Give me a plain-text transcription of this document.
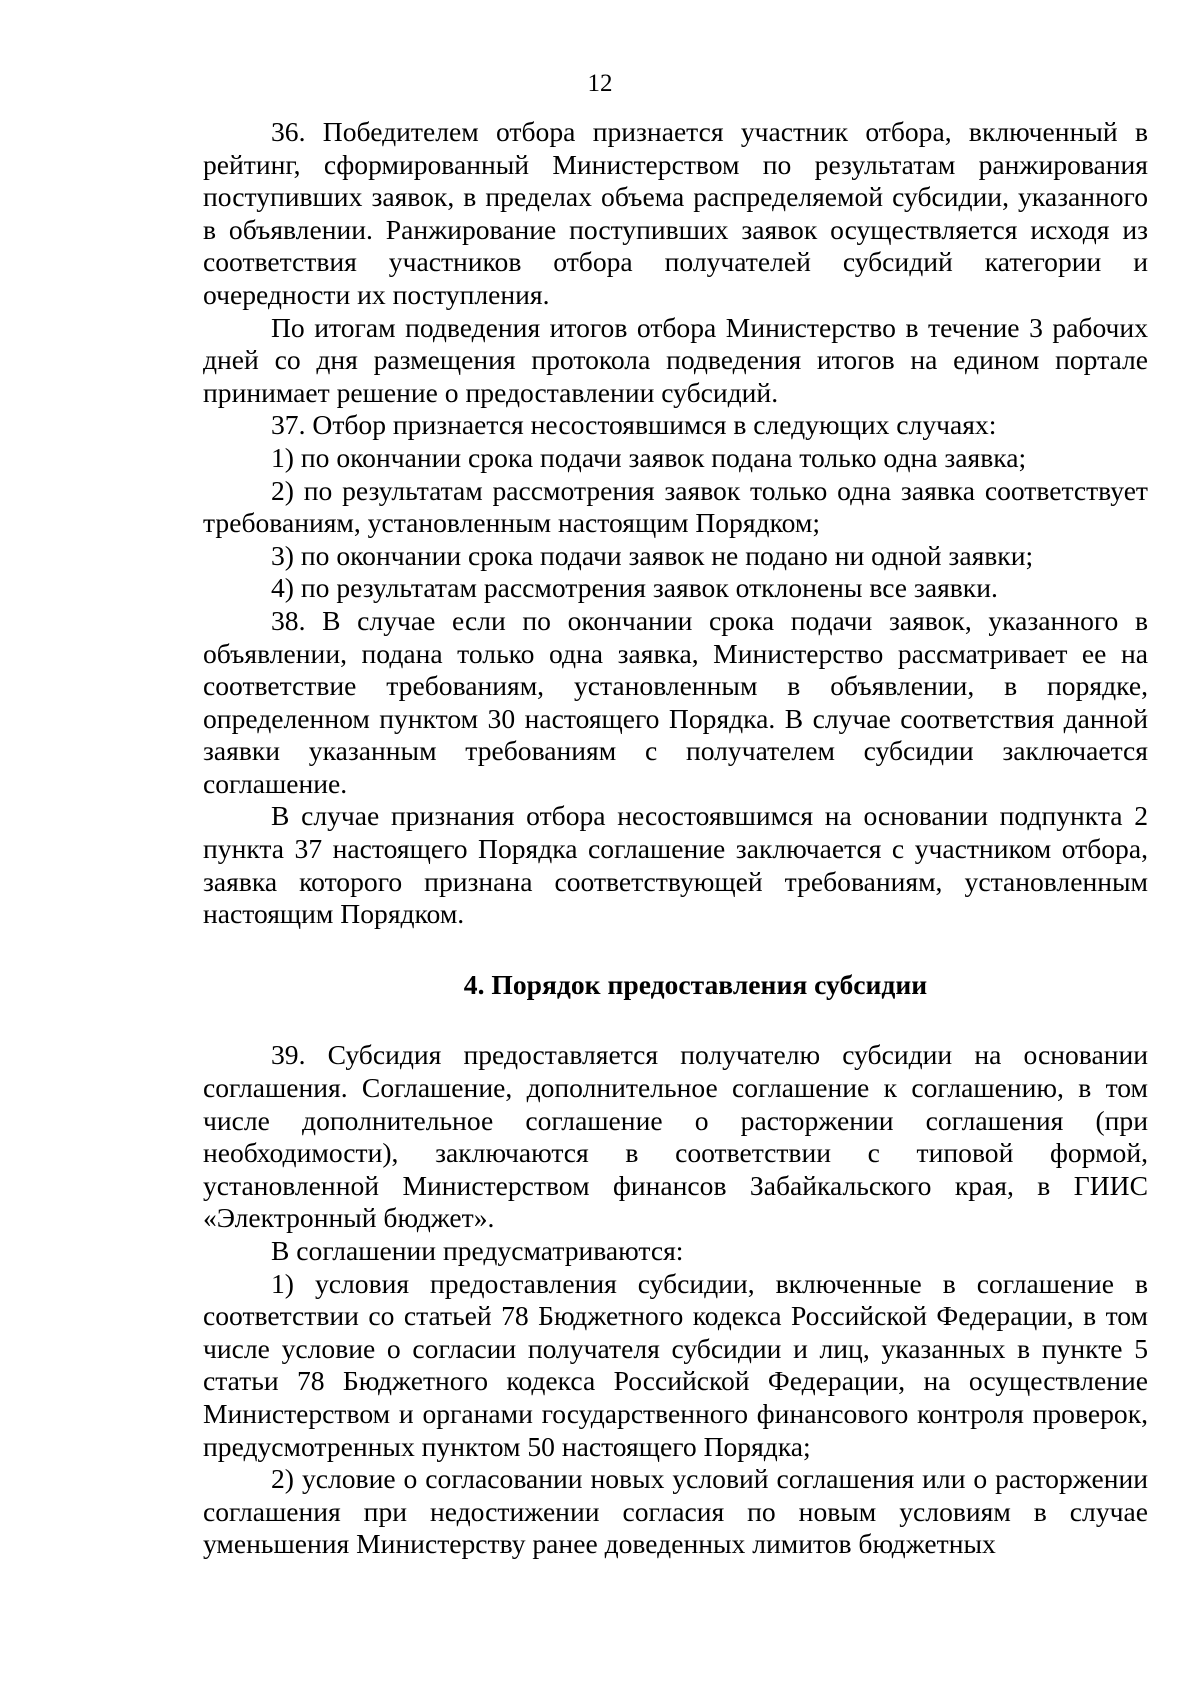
12

36. Победителем отбора признается участник отбора, включенный в рейтинг, сформированный Министерством по результатам ранжирования поступивших заявок, в пределах объема распределяемой субсидии, указанного в объявлении. Ранжирование поступивших заявок осуществляется исходя из соответствия участников отбора получателей субсидий категории и очередности их поступления.

По итогам подведения итогов отбора Министерство в течение 3 рабочих дней со дня размещения протокола подведения итогов на едином портале принимает решение о предоставлении субсидий.

37. Отбор признается несостоявшимся в следующих случаях:

1) по окончании срока подачи заявок подана только одна заявка;

2) по результатам рассмотрения заявок только одна заявка соответствует требованиям, установленным настоящим Порядком;

3) по окончании срока подачи заявок не подано ни одной заявки;

4) по результатам рассмотрения заявок отклонены все заявки.

38. В случае если по окончании срока подачи заявок, указанного в объявлении, подана только одна заявка, Министерство рассматривает ее на соответствие требованиям, установленным в объявлении, в порядке, определенном пунктом 30 настоящего Порядка. В случае соответствия данной заявки указанным требованиям с получателем субсидии заключается соглашение.

В случае признания отбора несостоявшимся на основании подпункта 2 пункта 37 настоящего Порядка соглашение заключается с участником отбора, заявка которого признана соответствующей требованиям, установленным настоящим Порядком.

4. Порядок предоставления субсидии

39. Субсидия предоставляется получателю субсидии на основании соглашения. Соглашение, дополнительное соглашение к соглашению, в том числе дополнительное соглашение о расторжении соглашения (при необходимости), заключаются в соответствии с типовой формой, установленной Министерством финансов Забайкальского края, в ГИИС «Электронный бюджет».

В соглашении предусматриваются:

1) условия предоставления субсидии, включенные в соглашение в соответствии со статьей 78 Бюджетного кодекса Российской Федерации, в том числе условие о согласии получателя субсидии и лиц, указанных в пункте 5 статьи 78 Бюджетного кодекса Российской Федерации, на осуществление Министерством и органами государственного финансового контроля проверок, предусмотренных пунктом 50 настоящего Порядка;

2) условие о согласовании новых условий соглашения или о расторжении соглашения при недостижении согласия по новым условиям в случае уменьшения Министерству ранее доведенных лимитов бюджетных
